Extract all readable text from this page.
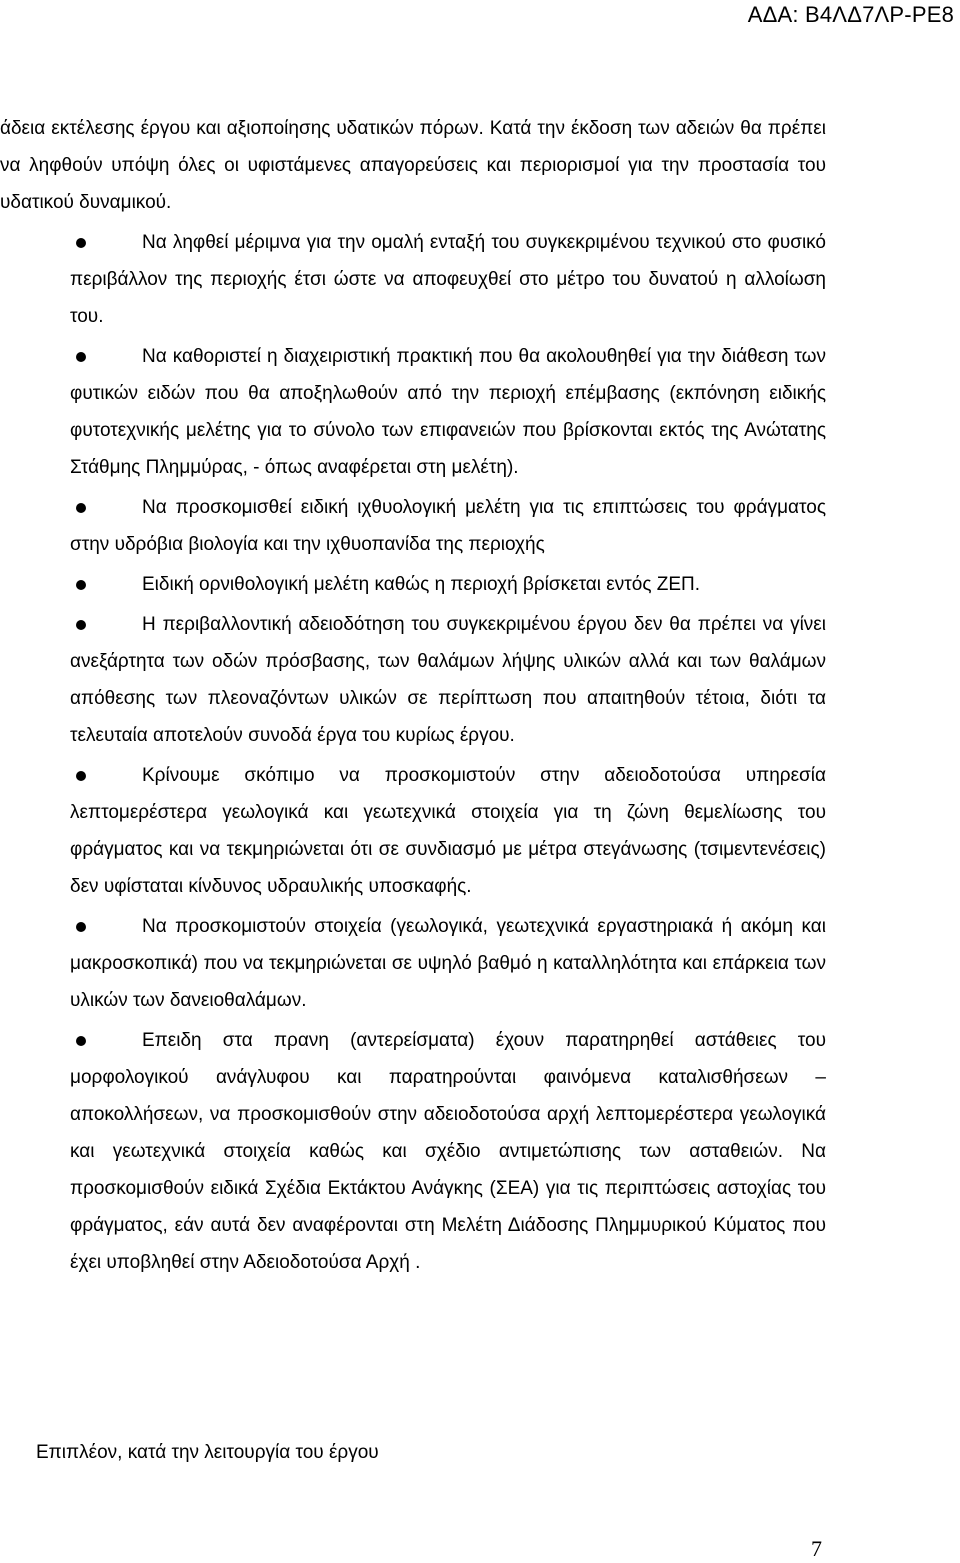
ΑΔΑ: Β4ΛΔ7ΛΡ-ΡΕ8

άδεια εκτέλεσης έργου και αξιοποίησης υδατικών πόρων. Κατά την έκδοση των αδειών θα πρέπει να ληφθούν υπόψη όλες οι υφιστάμενες απαγορεύσεις και περιορισμοί για την προστασία του υδατικού δυναμικού.

Να ληφθεί μέριμνα για την ομαλή ενταξή του συγκεκριμένου τεχνικού στο φυσικό περιβάλλον της περιοχής έτσι ώστε να αποφευχθεί στο μέτρο του δυνατού η αλλοίωση του.
Να καθοριστεί η διαχειριστική πρακτική που θα ακολουθηθεί για την διάθεση των φυτικών ειδών που θα αποξηλωθούν από την περιοχή επέμβασης (εκπόνηση ειδικής φυτοτεχνικής μελέτης για το σύνολο των επιφανειών που βρίσκονται εκτός της Ανώτατης Στάθμης Πλημμύρας, - όπως αναφέρεται στη μελέτη).
Να προσκομισθεί ειδική ιχθυολογική μελέτη για τις επιπτώσεις του φράγματος στην υδρόβια βιολογία και την ιχθυοπανίδα της περιοχής
Ειδική ορνιθολογική μελέτη καθώς η περιοχή βρίσκεται εντός ΖΕΠ.
Η περιβαλλοντική αδειοδότηση του συγκεκριμένου έργου δεν θα πρέπει να γίνει ανεξάρτητα των οδών πρόσβασης, των θαλάμων λήψης υλικών αλλά και των θαλάμων απόθεσης των πλεοναζόντων υλικών σε περίπτωση που απαιτηθούν τέτοια, διότι τα τελευταία αποτελούν συνοδά έργα του κυρίως έργου.
Κρίνουμε σκόπιμο να προσκομιστούν στην αδειοδοτούσα υπηρεσία λεπτομερέστερα γεωλογικά και γεωτεχνικά στοιχεία για τη ζώνη θεμελίωσης του φράγματος και να τεκμηριώνεται ότι σε συνδιασμό με μέτρα στεγάνωσης (τσιμεντενέσεις) δεν υφίσταται κίνδυνος υδραυλικής υποσκαφής.
Να προσκομιστούν στοιχεία (γεωλογικά, γεωτεχνικά εργαστηριακά ή ακόμη και μακροσκοπικά) που να τεκμηριώνεται σε υψηλό βαθμό η καταλληλότητα και επάρκεια των υλικών των δανειοθαλάμων.
Επειδη στα πρανη (αντερείσματα) έχουν παρατηρηθεί αστάθειες του μορφολογικού ανάγλυφου και παρατηρούνται φαινόμενα καταλισθήσεων – αποκολλήσεων, να προσκομισθούν στην αδειοδοτούσα αρχή λεπτομερέστερα γεωλογικά και γεωτεχνικά στοιχεία καθώς και σχέδιο αντιμετώπισης των ασταθειών. Να προσκομισθούν ειδικά Σχέδια Εκτάκτου Ανάγκης (ΣΕΑ) για τις περιπτώσεις αστοχίας του φράγματος, εάν αυτά δεν αναφέρονται στη Μελέτη Διάδοσης Πλημμυρικού Κύματος που έχει υποβληθεί στην Αδειοδοτούσα Αρχή .

Επιπλέον, κατά την λειτουργία του έργου

7
